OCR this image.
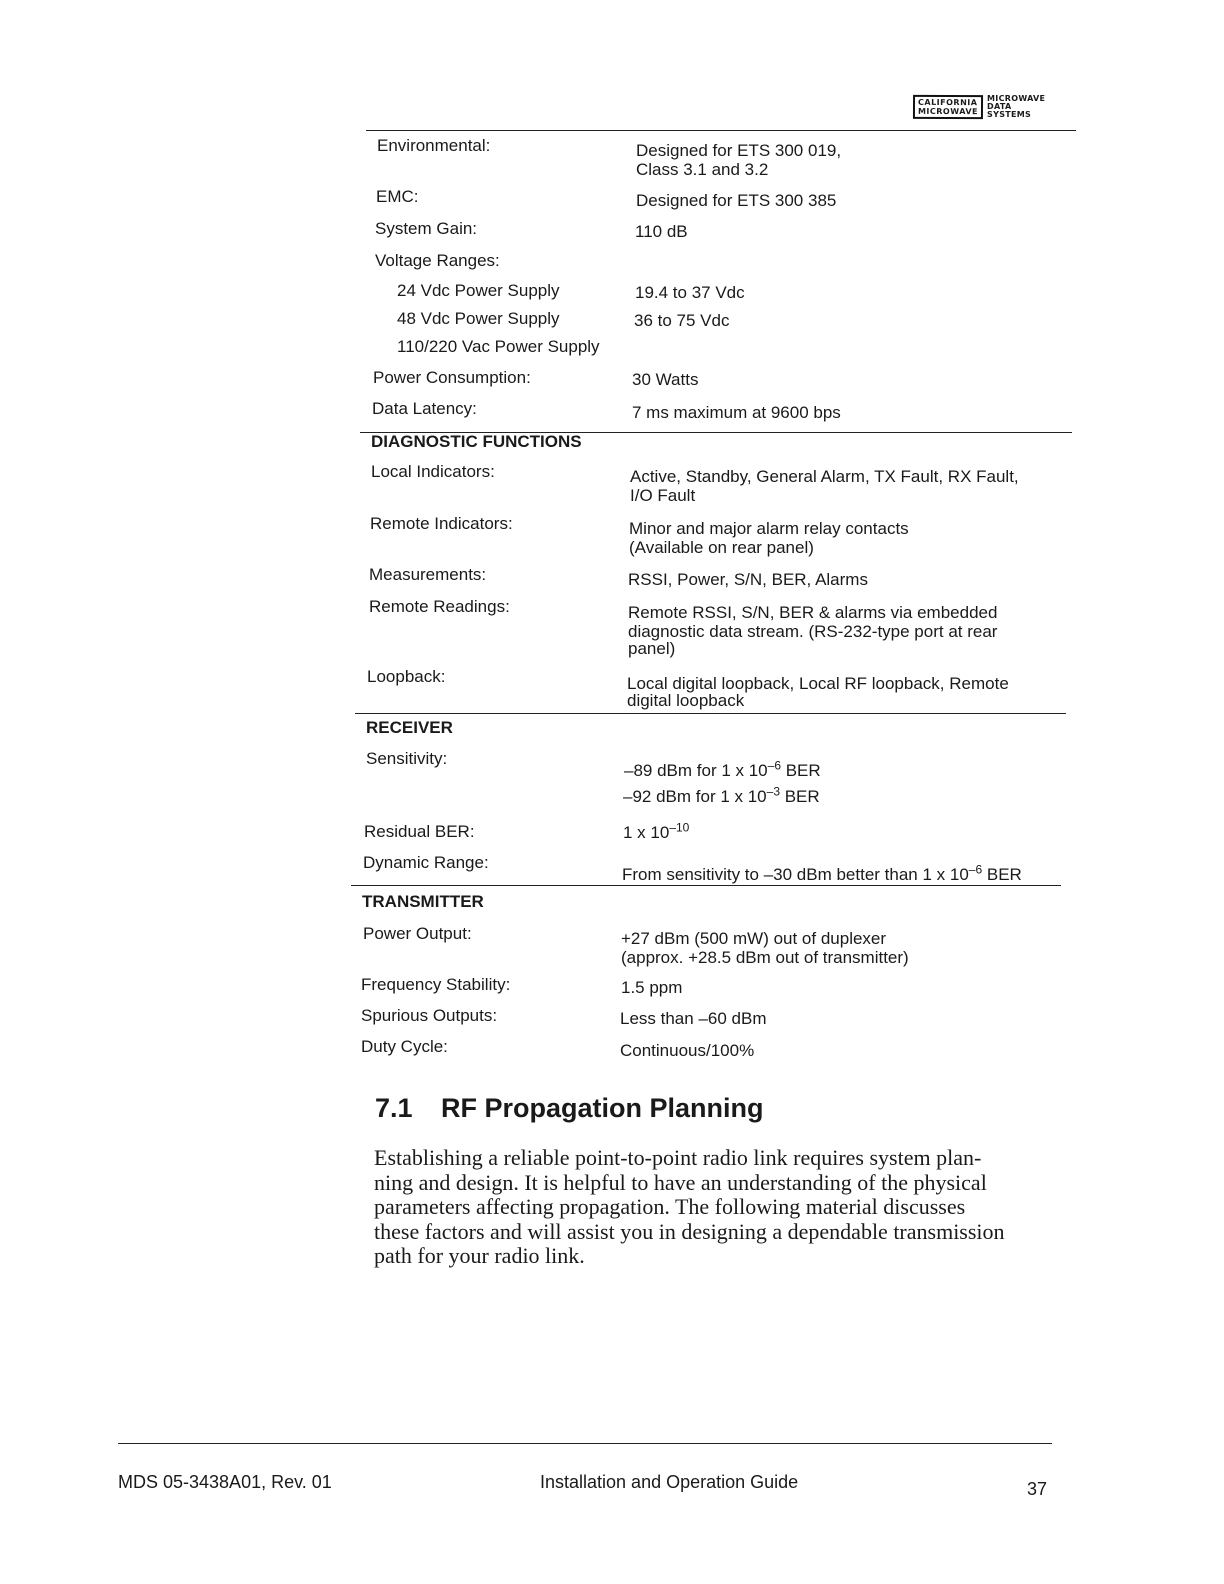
CALIFORNIA
MICROWAVE
MICROWAVE
DATA
SYSTEMS
Environmental:	Designed for ETS 300 019,
Class 3.1 and 3.2
EMC:	Designed for ETS 300 385
System Gain:	110 dB
Voltage Ranges:
24 Vdc Power Supply	19.4 to 37 Vdc
48 Vdc Power Supply	36 to 75 Vdc
110/220 Vac Power Supply
Power Consumption:	30 Watts
Data Latency:	7 ms maximum at 9600 bps
DIAGNOSTIC FUNCTIONS
Local Indicators:	Active, Standby, General Alarm, TX Fault, RX Fault,
I/O Fault
Remote Indicators:	Minor and major alarm relay contacts
(Available on rear panel)
Measurements:	RSSI, Power, S/N, BER, Alarms
Remote Readings:	Remote RSSI, S/N, BER & alarms via embedded
diagnostic data stream. (RS-232-type port at rear
panel)
Loopback:	Local digital loopback, Local RF loopback, Remote
digital loopback
RECEIVER
Sensitivity:
–89 dBm for 1 x $10^{-6}$ BER
–92 dBm for 1 x $10^{-3}$ BER
Residual BER:	1 x $10^{-10}$
Dynamic Range:
From sensitivity to –30 dBm better than 1 x $10^{-6}$ BER
TRANSMITTER
Power Output:	+27 dBm (500 mW) out of duplexer
(approx. +28.5 dBm out of transmitter)
Frequency Stability:	1.5 ppm
Spurious Outputs:	Less than –60 dBm
Duty Cycle:	Continuous/100%
7.1 RF Propagation Planning
Establishing a reliable point-to-point radio link requires system plan-
ning and design. It is helpful to have an understanding of the physical
parameters affecting propagation. The following material discusses
these factors and will assist you in designing a dependable transmission
path for your radio link.
MDS 05-3438A01, Rev. 01	Installation and Operation Guide	37
